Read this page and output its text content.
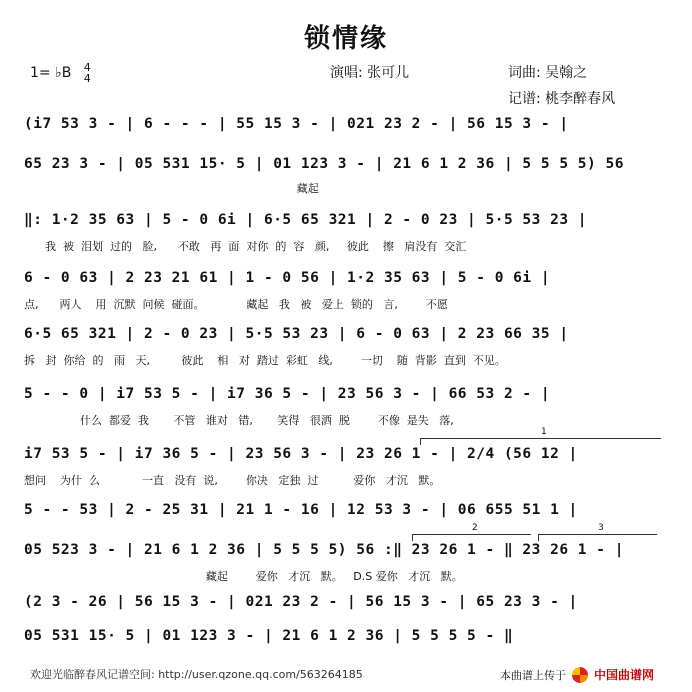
锁情缘
1= ♭B 4
4	演唱: 张可儿	词曲: 吴翰之
记谱: 桃李醉春风
(i7 53 3 - | 6 - - - | 55 15 3 - | 021 23 2 - | 56 15 3 - |
65 23 3 - | 05 531 15· 5 | 01 123 3 - | 21 6 1 2 36 | 5 5 5 5) 56
藏起
‖: 1·2 35 63 | 5 - 0 6i | 6·5 65 321 | 2 - 0 23 | 5·5 53 23 |
我  被  泪划  过的   脸,      不敢   再  面  对你  的  容   颜,     彼此    擦   肩没有  交汇
6 - 0 63 | 2 23 21 61 | 1 - 0 56 | 1·2 35 63 | 5 - 0 6i |
点,      两人    用  沉默  问候  碰面。            藏起   我   被   爱上  锁的   言,        不愿
6·5 65 321 | 2 - 0 23 | 5·5 53 23 | 6 - 0 63 | 2 23 66 35 |
拆   封  你给  的   雨   天,         彼此    相   对  踏过  彩虹   线,        一切    随  背影  直到  不见。
5 - - 0 | i7 53 5 - | i7 36 5 - | 23 56 3 - | 66 53 2 - |
什么  都爱  我       不管   谁对   错,       笑得   很洒  脱        不像  是失   落,
1
i7 53 5 - | i7 36 5 - | 23 56 3 - | 23 26 1 - | 2/4 (56 12 |
想问    为什  么            一直   没有  说,        你决   定独  过          爱你   才沉   默。
5 - - 53 | 2 - 25 31 | 21 1 - 16 | 12 53 3 - | 06 655 51 1 |
2	3
05 523 3 - | 21 6 1 2 36 | 5 5 5 5) 56 :‖ 23 26 1 - ‖ 23 26 1 - |
藏起        爱你   才沉   默。   D.S 爱你   才沉   默。
(2 3 - 26 | 56 15 3 - | 021 23 2 - | 56 15 3 - | 65 23 3 - |
05 531 15· 5 | 01 123 3 - | 21 6 1 2 36 | 5 5 5 5 - ‖
欢迎光临醉春风记谱空间: http://user.qzone.qq.com/563264185	本曲谱上传于 中国曲谱网
